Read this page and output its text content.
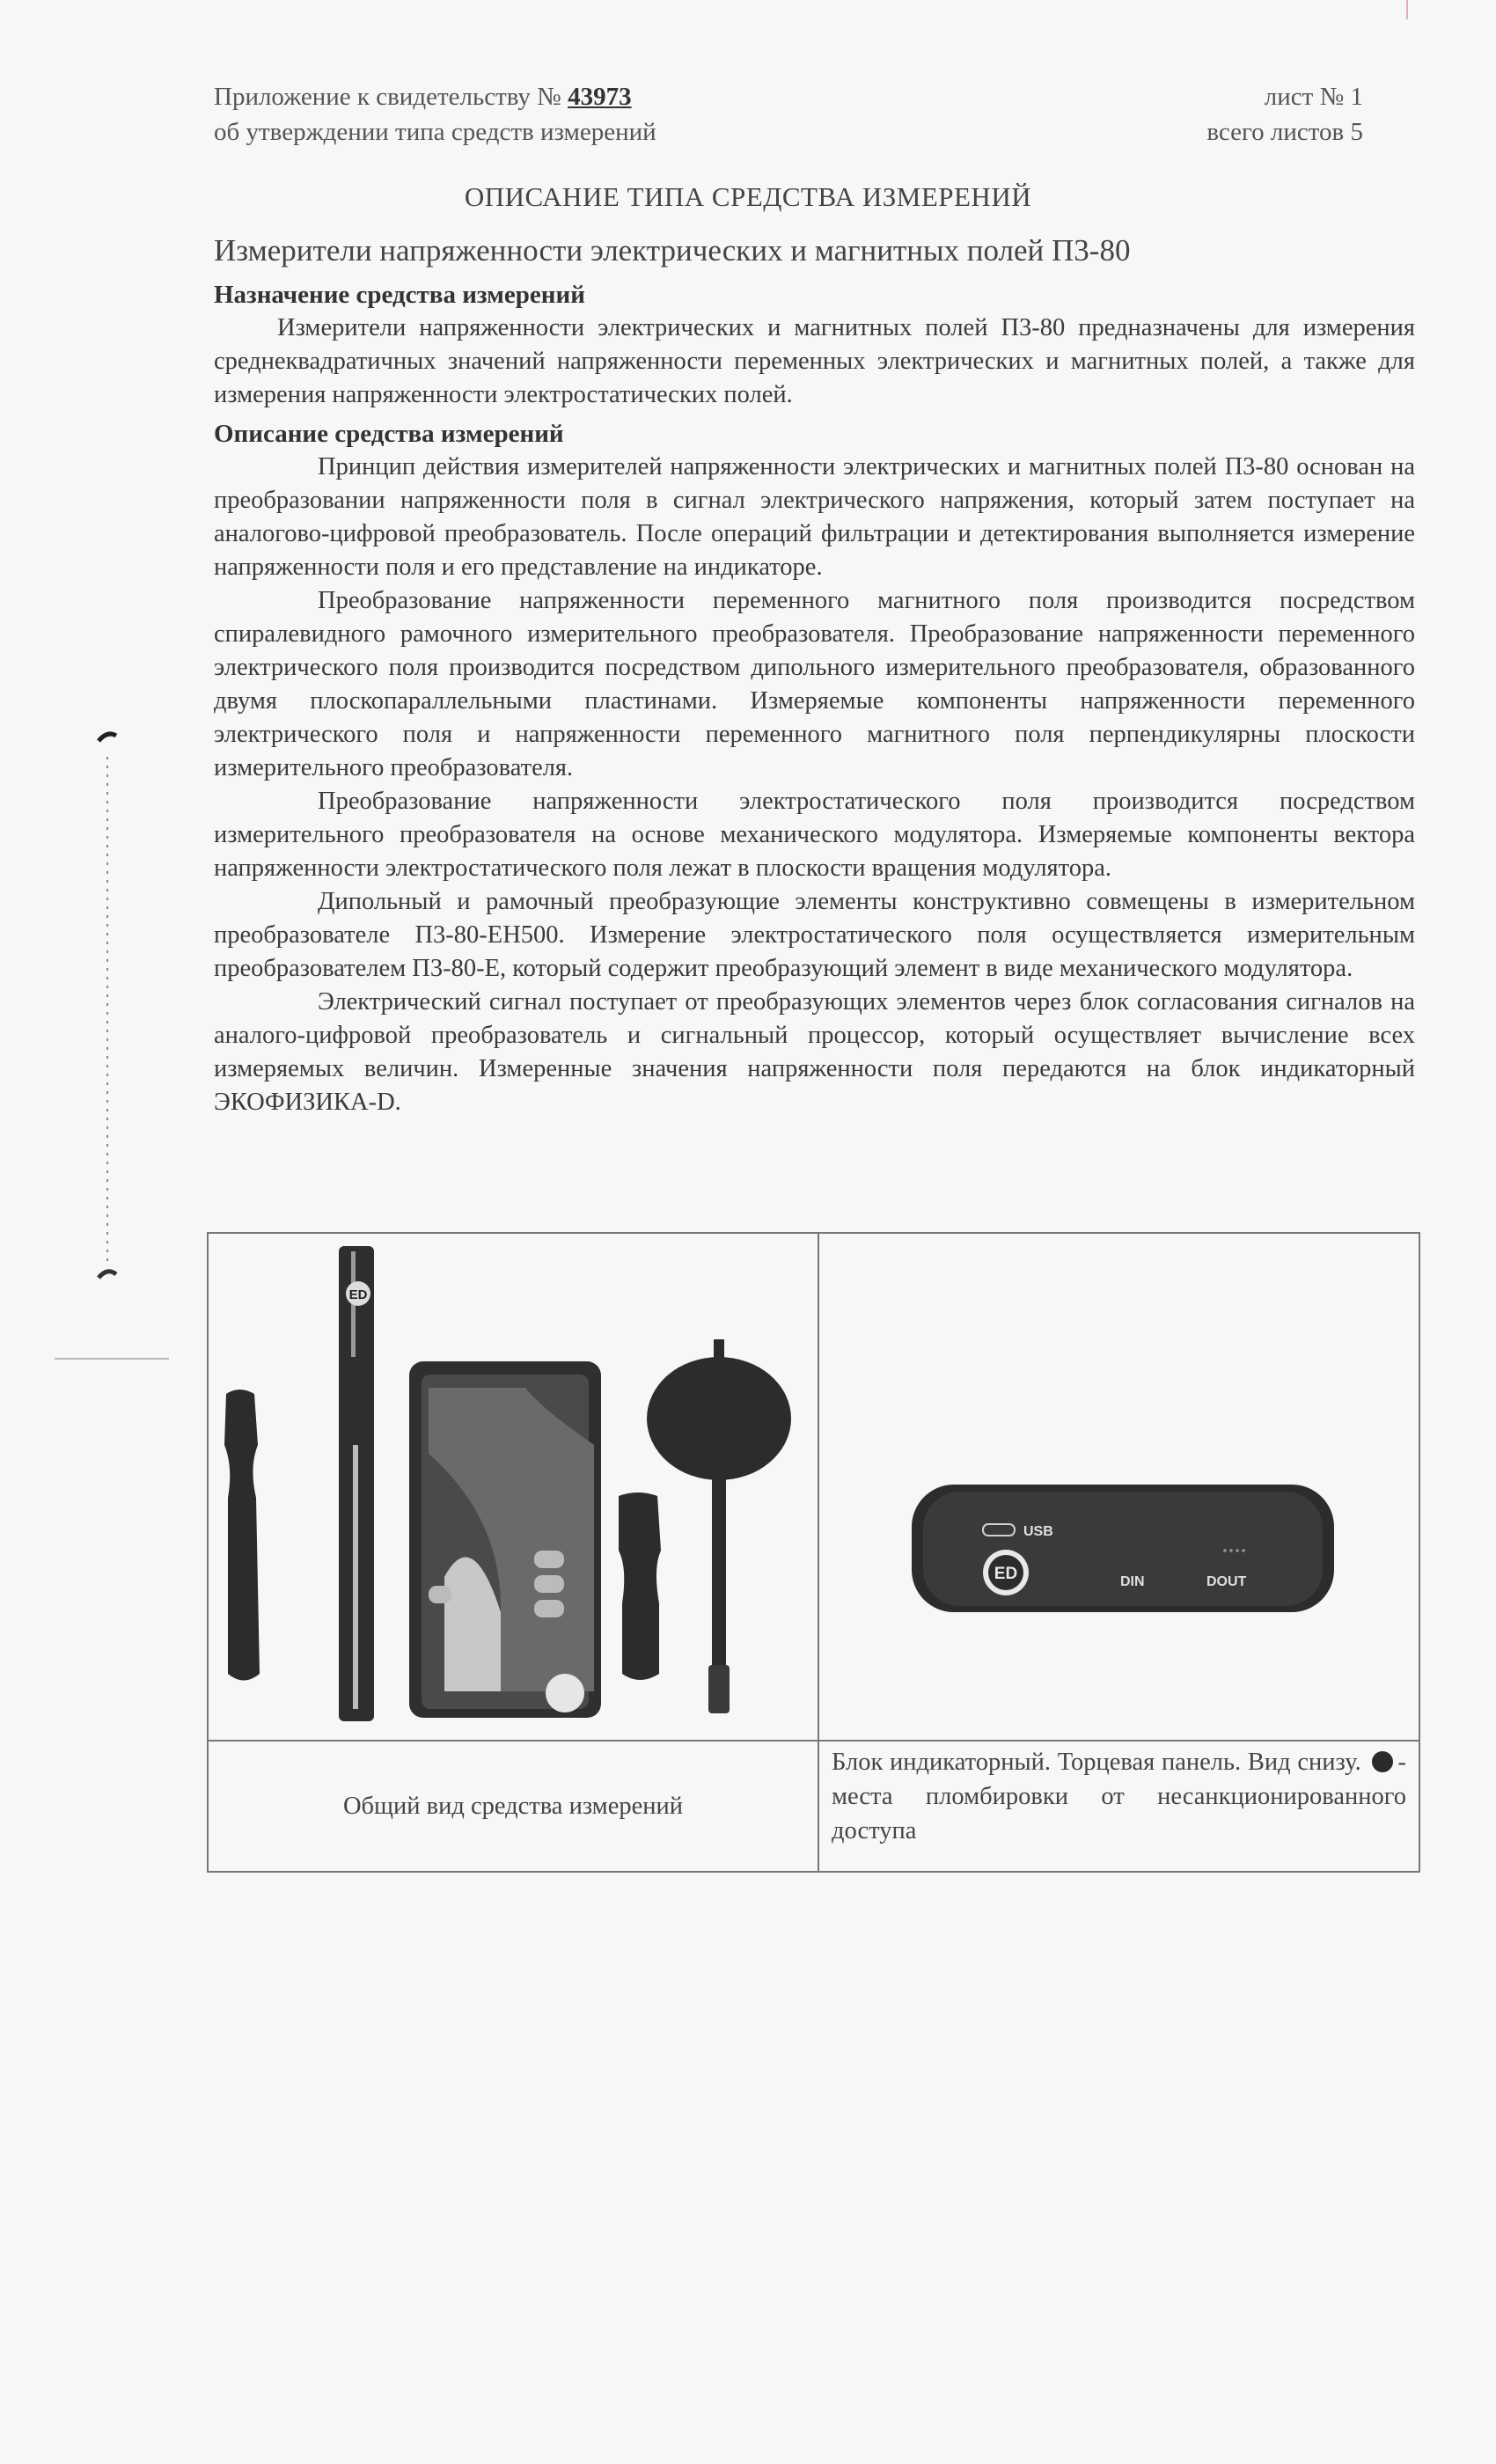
Приложение к свидетельству № 43973
об утверждении типа средств измерений
лист № 1
всего листов 5
ОПИСАНИЕ ТИПА СРЕДСТВА ИЗМЕРЕНИЙ
Измерители напряженности электрических и магнитных полей П3-80
Назначение средства измерений

Измерители напряженности электрических и магнитных полей П3-80 предназначены для измерения среднеквадратичных значений напряженности переменных электрических и магнитных полей, а также для измерения напряженности электростатических полей.

Описание средства измерений

Принцип действия измерителей напряженности электрических и магнитных полей П3-80 основан на преобразовании напряженности поля в сигнал электрического напряжения, который затем поступает на аналогово-цифровой преобразователь. После операций фильтрации и детектирования выполняется измерение напряженности поля и его представление на индикаторе.

Преобразование напряженности переменного магнитного поля производится посредством спиралевидного рамочного измерительного преобразователя. Преобразование напряженности переменного электрического поля производится посредством дипольного измерительного преобразователя, образованного двумя плоскопараллельными пластинами. Измеряемые компоненты напряженности переменного электрического поля и напряженности переменного магнитного поля перпендикулярны плоскости измерительного преобразователя.

Преобразование напряженности электростатического поля производится посредством измерительного преобразователя на основе механического модулятора. Измеряемые компоненты вектора напряженности электростатического поля лежат в плоскости вращения модулятора.

Дипольный и рамочный преобразующие элементы конструктивно совмещены в измерительном преобразователе П3-80-ЕН500. Измерение электростатического поля осуществляется измерительным преобразователем П3-80-Е, который содержит преобразующий элемент в виде механического модулятора.

Электрический сигнал поступает от преобразующих элементов через блок согласования сигналов на аналого-цифровой преобразователь и сигнальный процессор, который осуществляет вычисление всех измеряемых величин. Измеренные значения напряженности поля передаются на блок индикаторный ЭКОФИЗИКА-D.

ED	USB
ED DIN DOUT

Общий вид средства измерений	Блок индикаторный. Торцевая панель. Вид снизу. - места пломбировки от несанкционированного доступа
